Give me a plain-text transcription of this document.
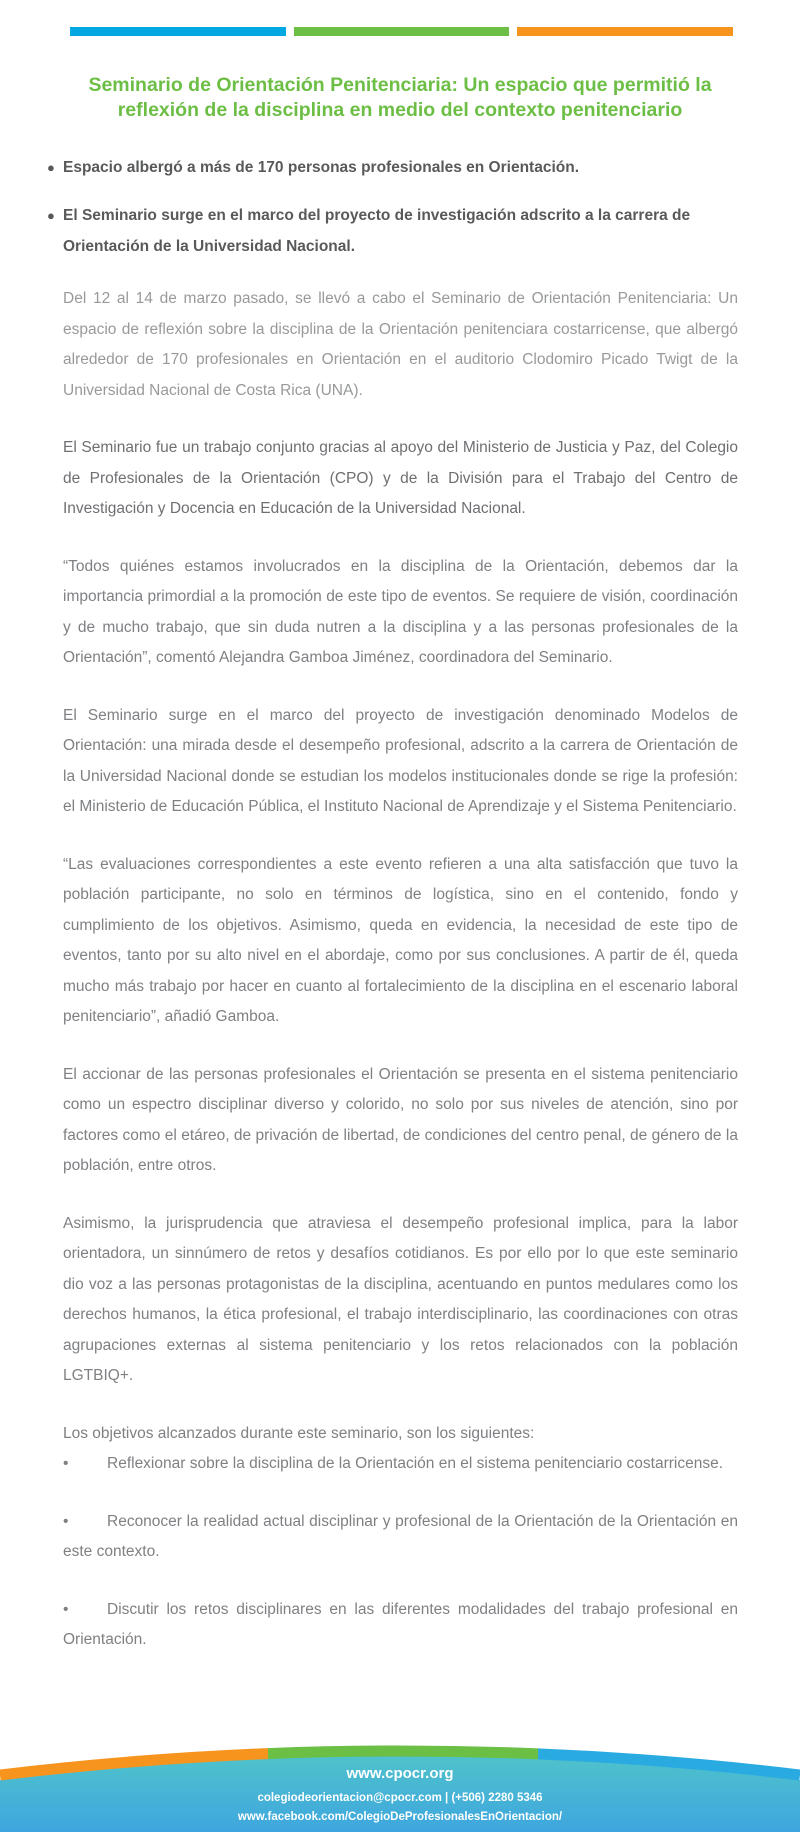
Seminario de Orientación Penitenciaria: Un espacio que permitió la reflexión de la disciplina en medio del contexto penitenciario
● Espacio albergó a más de 170 personas profesionales en Orientación.
● El Seminario surge en el marco del proyecto de investigación adscrito a la carrera de Orientación de la Universidad Nacional.

Del 12 al 14 de marzo pasado, se llevó a cabo el Seminario de Orientación Penitenciaria: Un espacio de reflexión sobre la disciplina de la Orientación penitenciara costarricense, que albergó alrededor de 170 profesionales en Orientación en el auditorio Clodomiro Picado Twigt de la Universidad Nacional de Costa Rica (UNA).

El Seminario fue un trabajo conjunto gracias al apoyo del Ministerio de Justicia y Paz, del Colegio de Profesionales de la Orientación (CPO) y de la División para el Trabajo del Centro de Investigación y Docencia en Educación de la Universidad Nacional.

“Todos quiénes estamos involucrados en la disciplina de la Orientación, debemos dar la importancia primordial a la promoción de este tipo de eventos. Se requiere de visión, coordinación y de mucho trabajo, que sin duda nutren a la disciplina y a las personas profesionales de la Orientación”, comentó Alejandra Gamboa Jiménez, coordinadora del Seminario.

El Seminario surge en el marco del proyecto de investigación denominado Modelos de Orientación: una mirada desde el desempeño profesional, adscrito a la carrera de Orientación de la Universidad Nacional donde se estudian los modelos institucionales donde se rige la profesión: el Ministerio de Educación Pública, el Instituto Nacional de Aprendizaje y el Sistema Penitenciario.

“Las evaluaciones correspondientes a este evento refieren a una alta satisfacción que tuvo la población participante, no solo en términos de logística, sino en el contenido, fondo y cumplimiento de los objetivos. Asimismo, queda en evidencia, la necesidad de este tipo de eventos, tanto por su alto nivel en el abordaje, como por sus conclusiones. A partir de él, queda mucho más trabajo por hacer en cuanto al fortalecimiento de la disciplina en el escenario laboral penitenciario”, añadió Gamboa.

El accionar de las personas profesionales el Orientación se presenta en el sistema penitenciario como un espectro disciplinar diverso y colorido, no solo por sus niveles de atención, sino por factores como el etáreo, de privación de libertad, de condiciones del centro penal, de género de la población, entre otros.

Asimismo, la jurisprudencia que atraviesa el desempeño profesional implica, para la labor orientadora, un sinnúmero de retos y desafíos cotidianos. Es por ello por lo que este seminario dio voz a las personas protagonistas de la disciplina, acentuando en puntos medulares como los derechos humanos, la ética profesional, el trabajo interdisciplinario, las coordinaciones con otras agrupaciones externas al sistema penitenciario y los retos relacionados con la población LGTBIQ+.

Los objetivos alcanzados durante este seminario, son los siguientes:

• Reflexionar sobre la disciplina de la Orientación en el sistema penitenciario costarricense.

• Reconocer la realidad actual disciplinar y profesional de la Orientación de la Orientación en este contexto.

• Discutir los retos disciplinares en las diferentes modalidades del trabajo profesional en Orientación.

www.cpocr.org
colegiodeorientacion@cpocr.com | (+506) 2280 5346
www.facebook.com/ColegioDeProfesionalesEnOrientacion/
